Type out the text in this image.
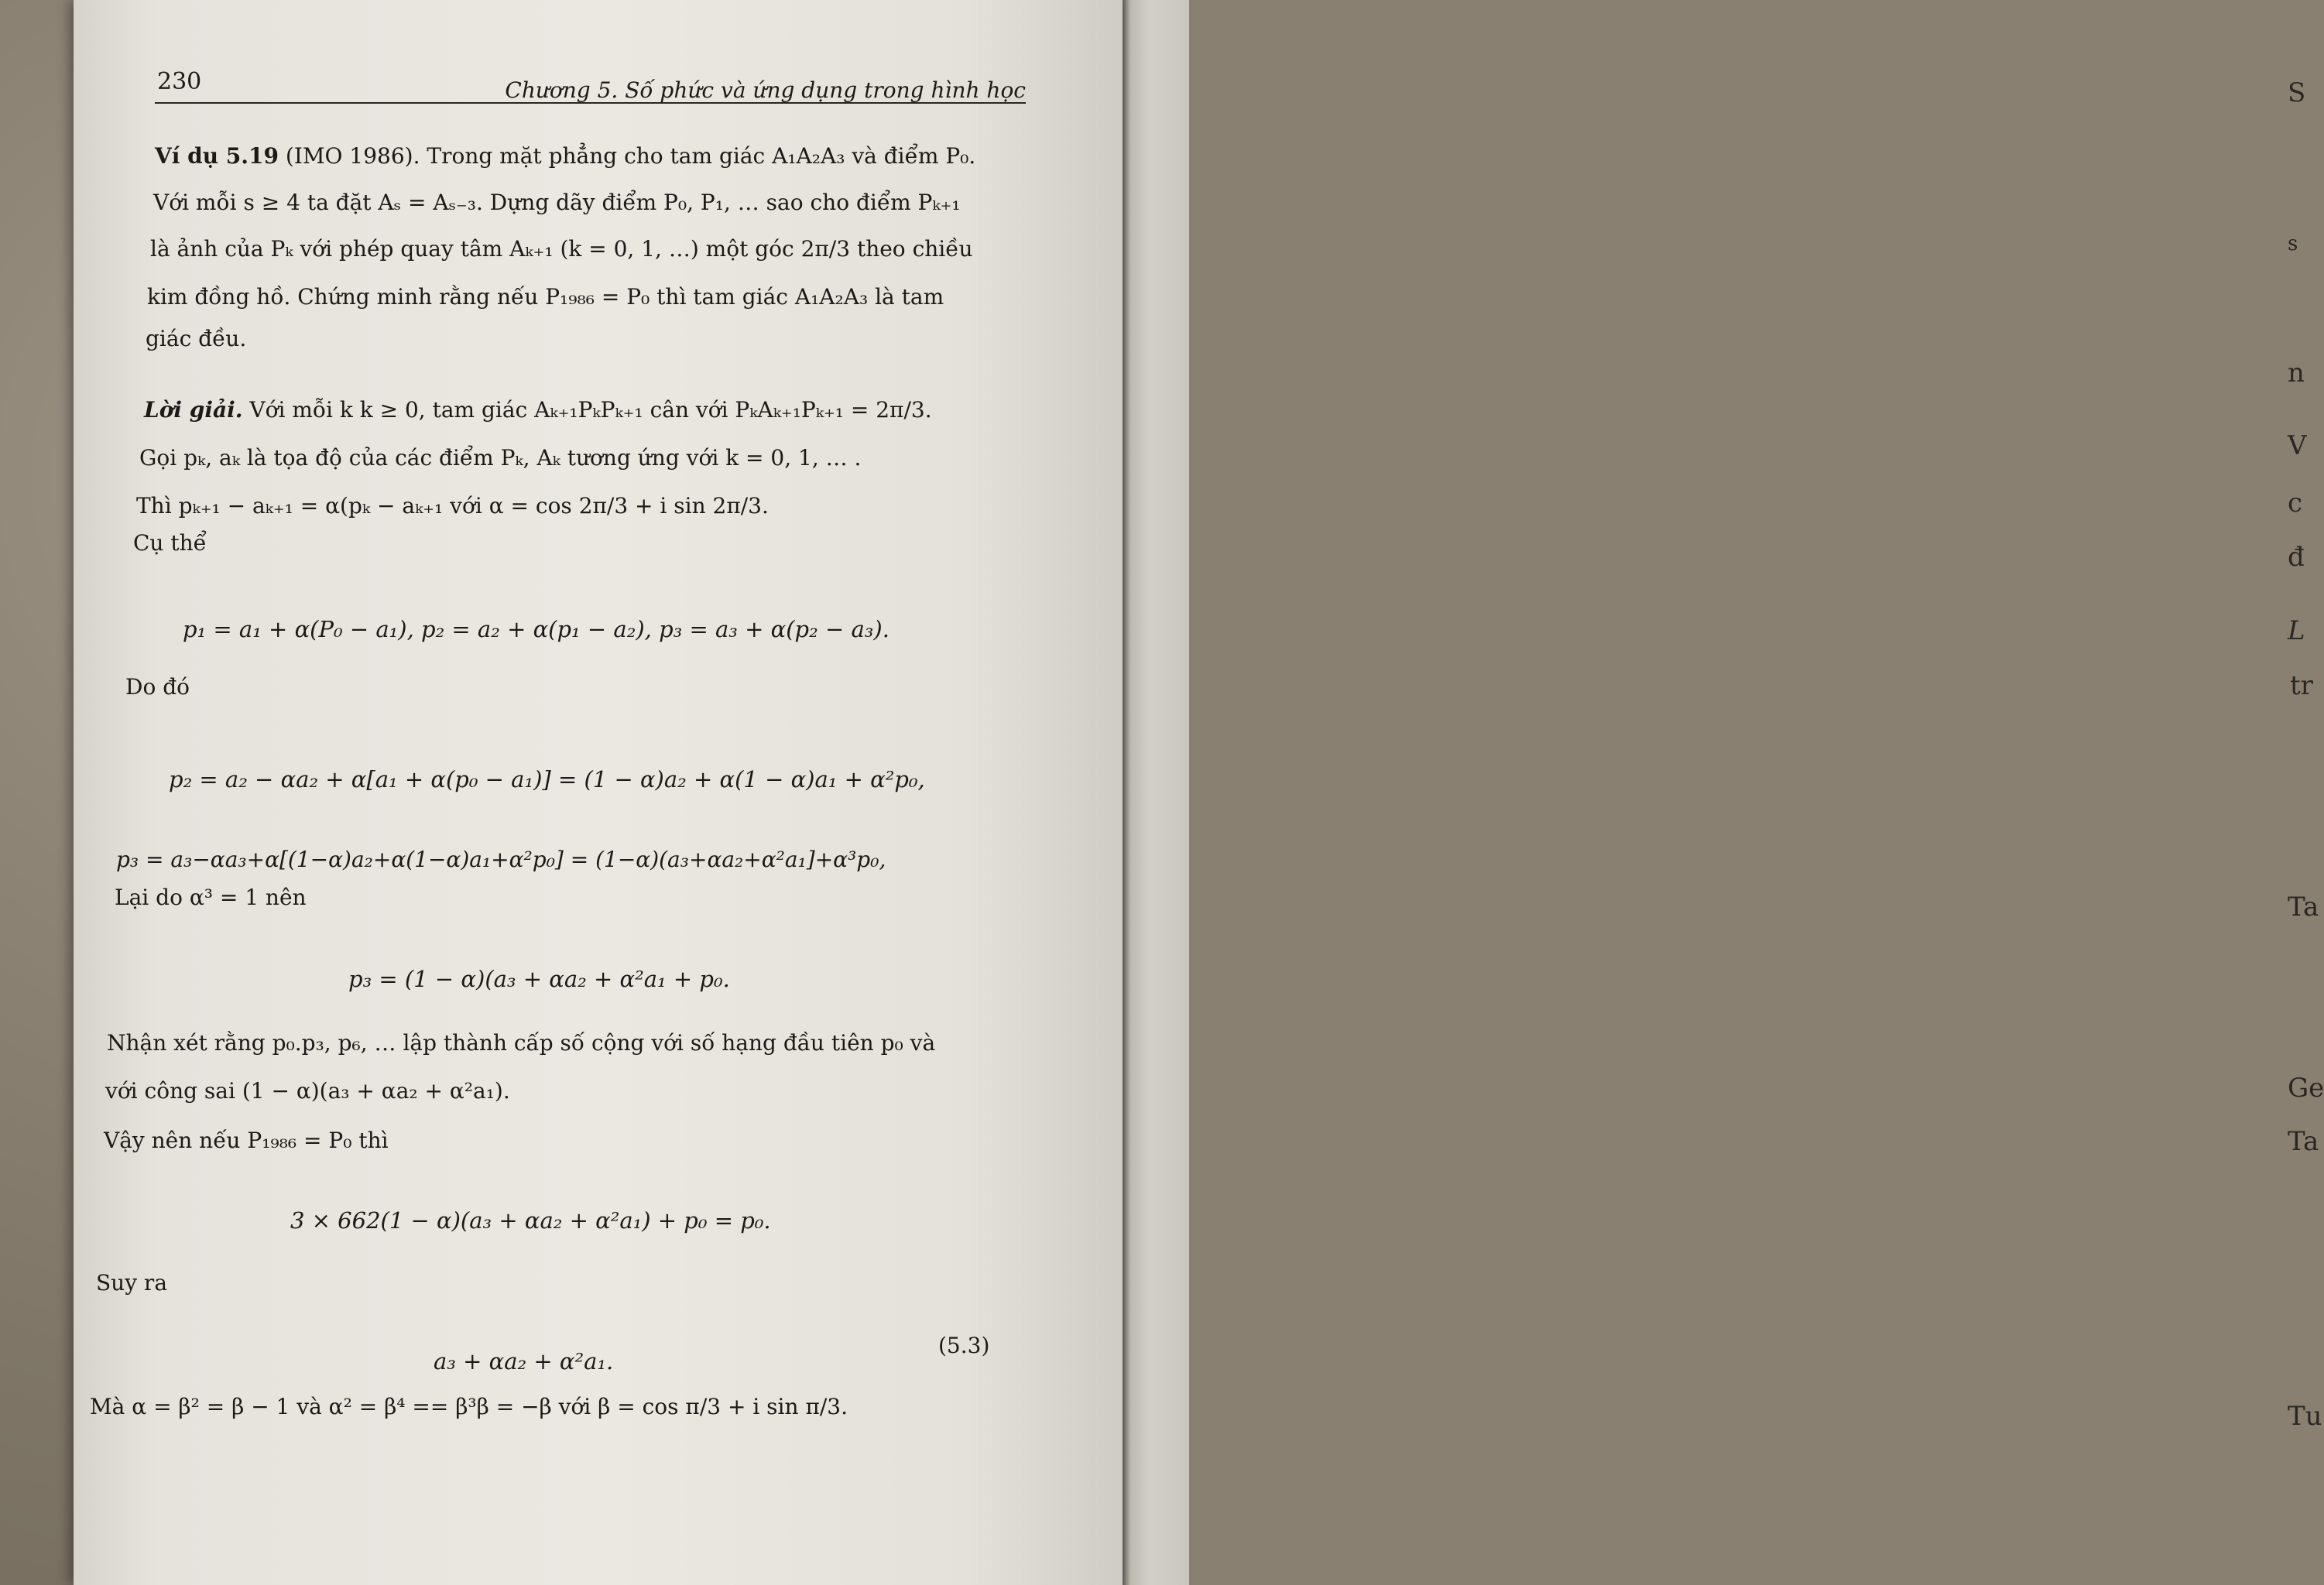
S
s
n
V
c
đ
L
tr
Ta
Ge
Ta
Tu
230	Chương 5. Số phức và ứng dụng trong hình học
Ví dụ 5.19 (IMO 1986). Trong mặt phẳng cho tam giác A₁A₂A₃ và điểm P₀.
Với mỗi s ≥ 4 ta đặt Aₛ = Aₛ₋₃. Dựng dãy điểm P₀, P₁, … sao cho điểm Pₖ₊₁
là ảnh của Pₖ với phép quay tâm Aₖ₊₁ (k = 0, 1, …) một góc 2π/3 theo chiều
kim đồng hồ. Chứng minh rằng nếu P₁₉₈₆ = P₀ thì tam giác A₁A₂A₃ là tam
giác đều.
Lời giải. Với mỗi k k ≥ 0, tam giác Aₖ₊₁PₖPₖ₊₁ cân với PₖAₖ₊₁Pₖ₊₁ = 2π/3.
Gọi pₖ, aₖ là tọa độ của các điểm Pₖ, Aₖ tương ứng với k = 0, 1, … .
Thì pₖ₊₁ − aₖ₊₁ = α(pₖ − aₖ₊₁ với α = cos 2π/3 + i sin 2π/3.
Cụ thể
p₁ = a₁ + α(P₀ − a₁), p₂ = a₂ + α(p₁ − a₂), p₃ = a₃ + α(p₂ − a₃).
Do đó
p₂ = a₂ − αa₂ + α[a₁ + α(p₀ − a₁)] = (1 − α)a₂ + α(1 − α)a₁ + α²p₀,
p₃ = a₃−αa₃+α[(1−α)a₂+α(1−α)a₁+α²p₀] = (1−α)(a₃+αa₂+α²a₁]+α³p₀,
Lại do α³ = 1 nên
p₃ = (1 − α)(a₃ + αa₂ + α²a₁ + p₀.
Nhận xét rằng p₀.p₃, p₆, … lập thành cấp số cộng với số hạng đầu tiên p₀ và
với công sai (1 − α)(a₃ + αa₂ + α²a₁).
Vậy nên nếu P₁₉₈₆ = P₀ thì
3 × 662(1 − α)(a₃ + αa₂ + α²a₁) + p₀ = p₀.
Suy ra
a₃ + αa₂ + α²a₁.
(5.3)
Mà α = β² = β − 1 và α² = β⁴ == β³β = −β với β = cos π/3 + i sin π/3.
